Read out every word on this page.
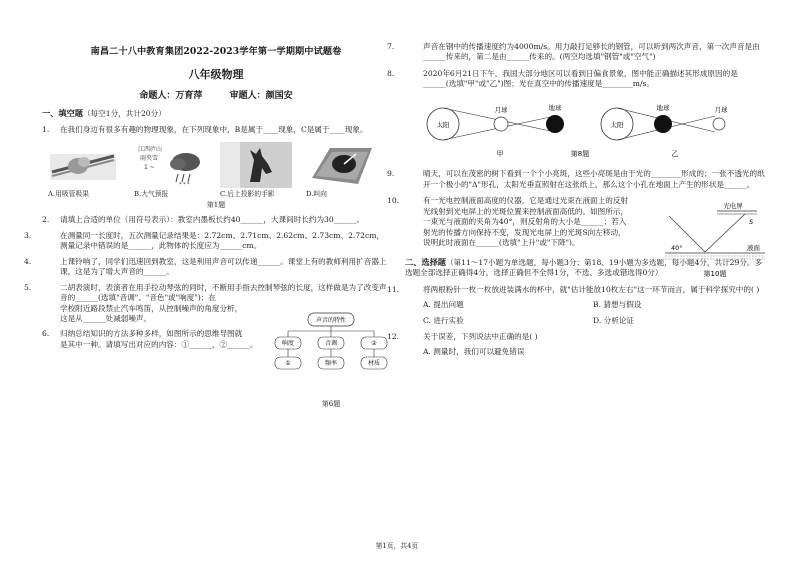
南昌二十八中教育集团2022-2023学年第一学期期中试题卷
八年级物理
命题人：万育萍	审题人：颜国安
一、填空题（每空1分，共计20分）
1. 在我们身边有很多有趣的物理现象，在下列现象中，B是属于____现象，C是属于____现象。
江西庐山
雨夹雪
1 ~
* * *
A.用吸管吸果	B.大气预报	C.后上投影的手影	D.叫向
第1题
2. 请填上合适的单位（用符号表示）：教室内墨板长约40______，大课间时长约为30______。
3.	在测量同一长度时，五次测量记录结果是：2.72cm、2.71cm、2.62cm、2.73cm、2.72cm，测量记录中错误的是______，此物体的长度应为______cm。
4.	上课铃响了，同学们迅速回到教室，这是利用声音可以传递______。课堂上有的教师利用扩音器上课，这是为了增大声音的______。
5.	二胡表演时，表演者在用手拉动琴弦的同时，不断用手指去控制琴弦的长度，这样做是为了改变声音的______(选填"音调"、"音色"或"响度")；在
学校附近路段禁止汽车鸣笛，从控制噪声的角度分析，
这是从______处减弱噪声。
6. 归纳总结知识的方法多种多样，如图所示的思维导图就
是其中一种。请填写出对应的内容：①______，②______。
声音的特性
响度	音调	②
①	频率	材质
第6题
7.	声音在钢中的传播速度约为4000m/s。用力敲打足够长的钢管，可以听到两次声音，第一次声音是由______传来的，第二是由______传来的。(两空均选填"钢管"或"空气")
8.	2020年6月21日下午，我国大部分地区可以看到日偏食景象，图中能正确描述其形成原因的是______(选填"甲"或"乙")图；光在真空中的传播速度是________m/s。
太阳
月球	地球
甲
太阳
地球	月球
乙
第8题
9.	晴天，可以在茂密的树下看到一个个小亮斑，这些小亮斑是由于光的________形成的；一张不透光的纸开一个极小的"Δ"形孔，太阳光垂直照射在这张纸上，那么这个小孔在地面上产生的形状是______。
10.	有一光电控制液面高度的仪器，它是通过光束在液面上的反射
光线射到光电屏上的光斑位置来控制液面高低的。如图所示，
一束光与液面的夹角为40°，则反射角的大小是______；若入
射光的传播方向保持不变，发现光电屏上的光斑S向左移动，
说明此时液面在______(选填"上升"或"下降")。
光电屏
S
40°	液面
第10题
二、选择题（第11～17小题为单选题，每小题3分；第18、19小题为多选题，每小题4分，共计29分。多选题全部选择正确得4分，选择正确但不全得1分，不选、多选或错选得0分）
11.	将两根粉针一枚一枚放进装满水的杯中，就"估计能放10枚左右"这一环节而言，属于科学探究中的( )
A. 提出问题	B. 猜想与假设
C. 进行实验	D. 分析论证
12.	关于误差，下列说法中正确的是( )
A. 测量时，我们可以避免错误
第1页，共4页
